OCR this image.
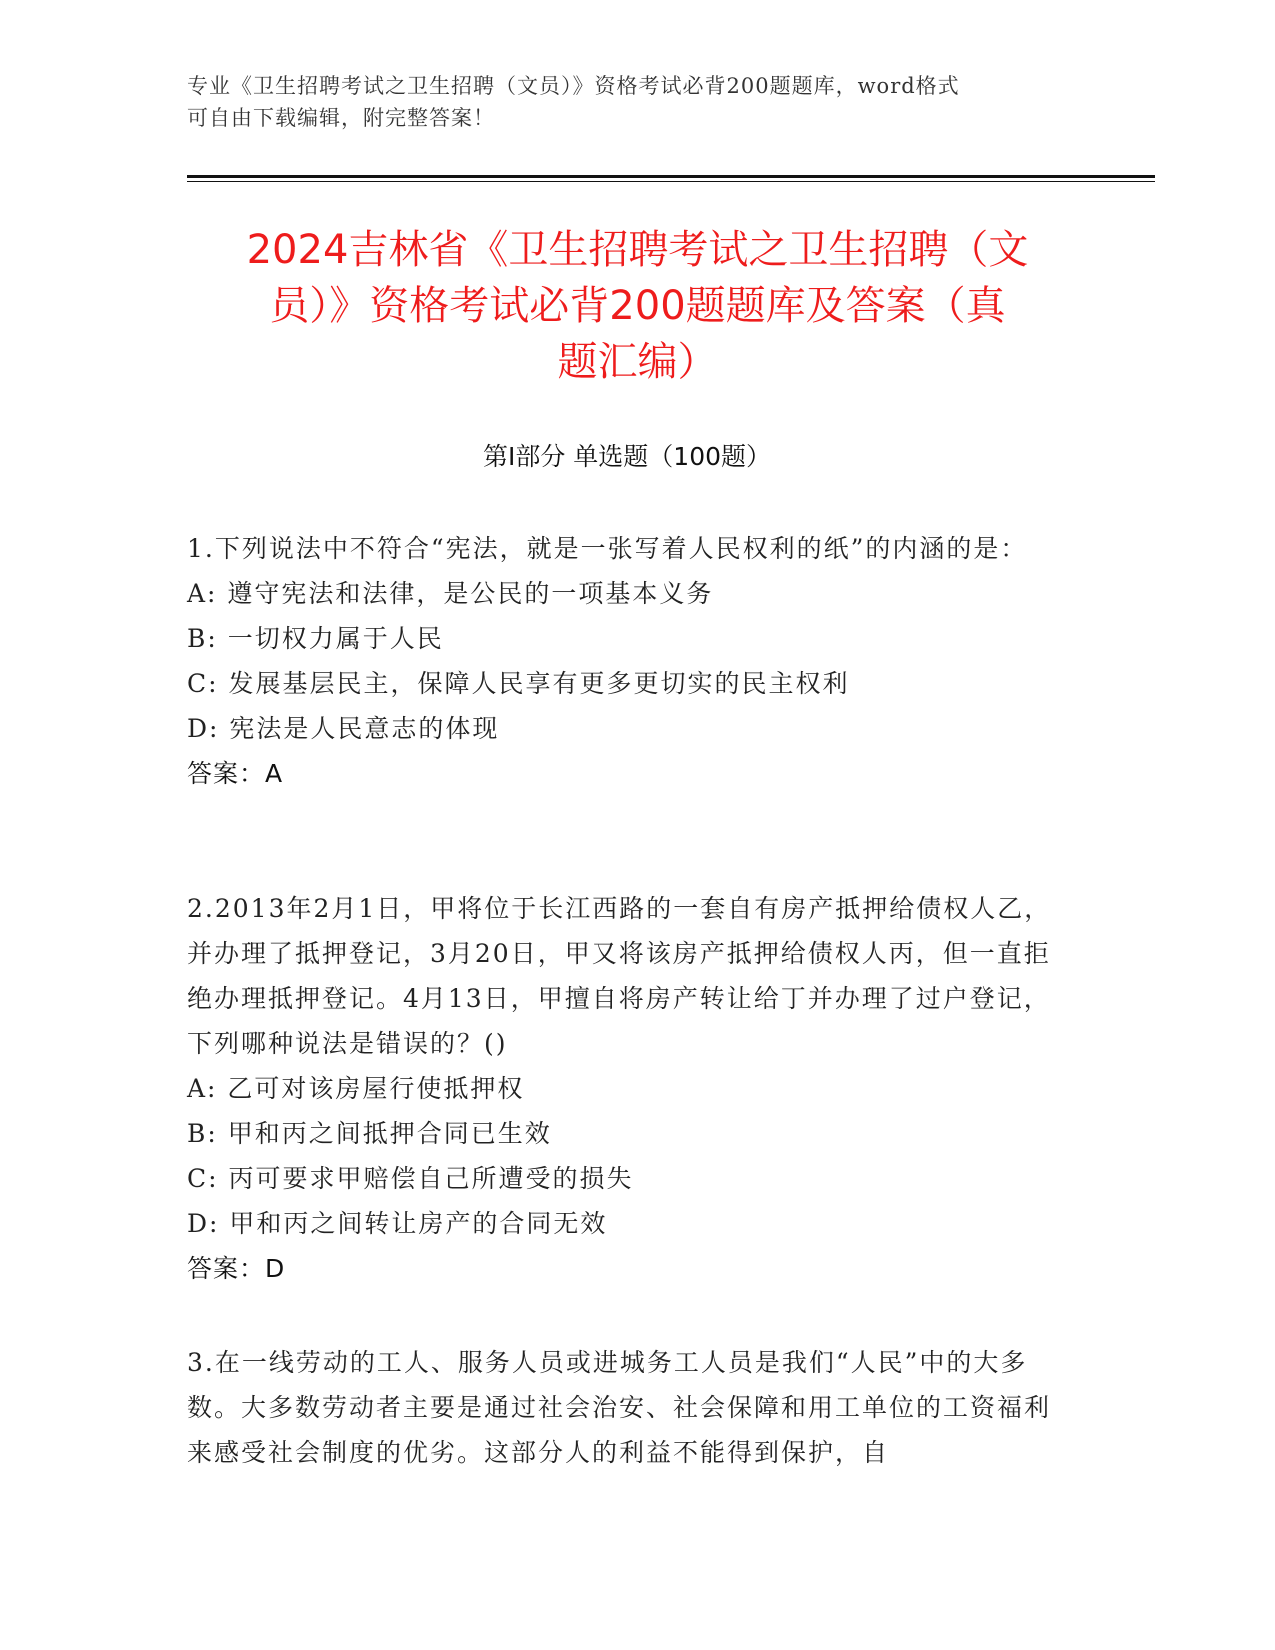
专业《卫生招聘考试之卫生招聘（文员）》资格考试必背200题题库，word格式
可自由下载编辑，附完整答案！
2024吉林省《卫生招聘考试之卫生招聘（文
员）》资格考试必背200题题库及答案（真
题汇编）
第Ⅰ部分 单选题（100题）
1.下列说法中不符合“宪法，就是一张写着人民权利的纸”的内涵的是：
A: 遵守宪法和法律，是公民的一项基本义务
B: 一切权力属于人民
C: 发展基层民主，保障人民享有更多更切实的民主权利
D: 宪法是人民意志的体现
答案：A
2.2013年2月1日，甲将位于长江西路的一套自有房产抵押给债权人乙，并办理了抵押登记，3月20日，甲又将该房产抵押给债权人丙，但一直拒绝办理抵押登记。4月13日，甲擅自将房产转让给丁并办理了过户登记，下列哪种说法是错误的？()
A: 乙可对该房屋行使抵押权
B: 甲和丙之间抵押合同已生效
C: 丙可要求甲赔偿自己所遭受的损失
D: 甲和丙之间转让房产的合同无效
答案：D
3.在一线劳动的工人、服务人员或进城务工人员是我们“人民”中的大多数。大多数劳动者主要是通过社会治安、社会保障和用工单位的工资福利来感受社会制度的优劣。这部分人的利益不能得到保护，自
